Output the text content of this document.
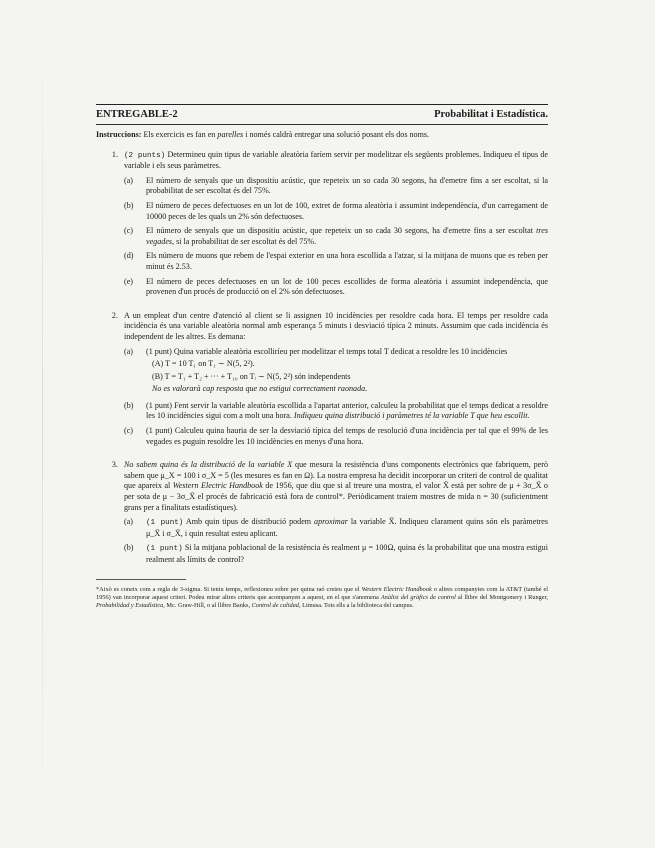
ENTREGABLE-2	Probabilitat i Estadística.
Instruccions: Els exercicis es fan en parelles i només caldrà entregar una solució posant els dos noms.
1. (2 punts) Determineu quin tipus de variable aleatòria faríem servir per modelitzar els següents problemes. Indiqueu el tipus de variable i els seus paràmetres.
(a)	El número de senyals que un dispositiu acústic, que repeteix un so cada 30 segons, ha d'emetre fins a ser escoltat, si la probabilitat de ser escoltat és del 75%.
(b)	El número de peces defectuoses en un lot de 100, extret de forma aleatòria i assumint independència, d'un carregament de 10000 peces de les quals un 2% són defectuoses.
(c)	El número de senyals que un dispositiu acústic, que repeteix un so cada 30 segons, ha d'emetre fins a ser escoltat tres vegades, si la probabilitat de ser escoltat és del 75%.
(d)	Els número de muons que rebem de l'espai exterior en una hora escollida a l'atzar, si la mitjana de muons que es reben per minut és 2.53.
(e)	El número de peces defectuoses en un lot de 100 peces escollides de forma aleatòria i assumint independència, que provenen d'un procés de producció on el 2% són defectuoses.
2. A un empleat d'un centre d'atenció al client se li assignen 10 incidències per resoldre cada hora. El temps per resoldre cada incidència és una variable aleatòria normal amb esperança 5 minuts i desviació típica 2 minuts. Assumim que cada incidència és independent de les altres. Es demana:
(a)	(1 punt) Quina variable aleatòria escolliríeu per modelitzar el temps total T dedicat a resoldre les 10 incidències
(A) T = 10 T₁ on T₁ ∼ N(5, 2²).
(B) T = T₁ + T₂ + ··· + T₁₀ on Tᵢ ∼ N(5, 2²) són independents
No es valorarà cap resposta que no estigui correctament raonada.
(b)	(1 punt) Fent servir la variable aleatòria escollida a l'apartat anterior, calculeu la probabilitat que el temps dedicat a resoldre les 10 incidències sigui com a molt una hora. Indiqueu quina distribució i paràmetres té la variable T que heu escollit.
(c)	(1 punt) Calculeu quina hauria de ser la desviació típica del temps de resolució d'una incidència per tal que el 99% de les vegades es puguin resoldre les 10 incidències en menys d'una hora.
3. No sabem quina és la distribució de la variable X que mesura la resistència d'uns components electrònics que fabriquem, però sabem que μ_X = 100 i σ_X = 5 (les mesures es fan en Ω). La nostra empresa ha decidit incorporar un criteri de control de qualitat que apareix al Western Electric Handbook de 1956, que diu que si al treure una mostra, el valor X̄ està per sobre de μ + 3σ_X̄ o per sota de μ − 3σ_X̄ el procés de fabricació està fora de control*. Periòdicament traiem mostres de mida n = 30 (suficientment grans per a finalitats estadístiques).
(a)	(1 punt) Amb quin tipus de distribució podem aproximar la variable X̄. Indiqueu clarament quins són els paràmetres μ_X̄ i σ_X̄, i quin resultat esteu aplicant.
(b)	(1 punt) Si la mitjana poblacional de la resistència és realment μ = 100Ω, quina és la probabilitat que una mostra estigui realment als límits de control?
*Això es coneix com a regla de 3-sigma. Si teniu temps, reflexioneu sobre per quina raó creieu que el Western Electric Handbook o altres companyies com la AT&T (també el 1956) van incorporar aquest criteri. Podeu mirar altres criteris que acompanyen a aquest, en el que s'anomena Anàlisi del gràfics de control al llibre del Montgomery i Runger, Probabilidad y Estadística, Mc. Graw-Hill, o al llibre Banks, Control de calidad, Limusa. Tots ells a la biblioteca del campus.
